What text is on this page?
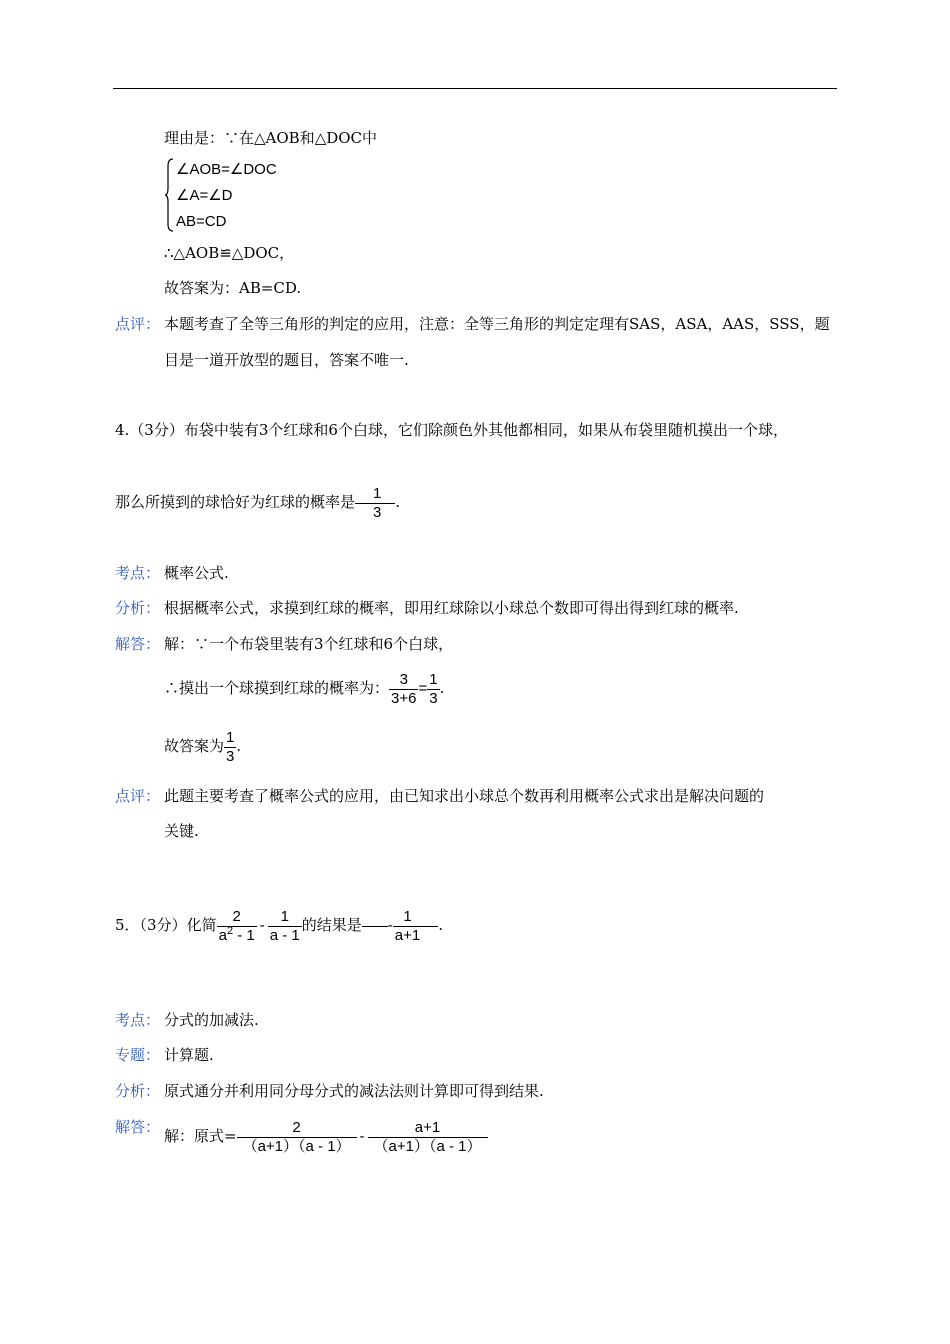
理由是：∵在△AOB和△DOC中
∠AOB=∠DOC
∠A=∠D
AB=CD
∴△AOB≌△DOC，
故答案为：AB=CD.
点评： 本题考查了全等三角形的判定的应用，注意：全等三角形的判定定理有SAS，ASA，AAS，SSS，题
目是一道开放型的题目，答案不唯一.
4.（3分）布袋中装有3个红球和6个白球，它们除颜色外其他都相同，如果从布袋里随机摸出一个球，
那么所摸到的球恰好为红球的概率是 $\frac{1}{3}$ .
考点： 概率公式.
分析： 根据概率公式，求摸到红球的概率，即用红球除以小球总个数即可得出得到红球的概率.
解答： 解：∵一个布袋里装有3个红球和6个白球，
∴摸出一个球摸到红球的概率为： $\frac{3}{3+6} = \frac{1}{3}$ .
故答案为 $\frac{1}{3}$ .
点评： 此题主要考查了概率公式的应用，由已知求出小球总个数再利用概率公式求出是解决问题的
关键.
5．（3分）化简 $\frac{2}{a^2 - 1} - \frac{1}{a - 1}$ 的结果是 - $\frac{1}{a+1}$ .
考点： 分式的加减法.
专题： 计算题.
分析： 原式通分并利用同分母分式的减法法则计算即可得到结果.
解答： 解：原式= $\frac{2}{(a+1)(a - 1)} - \frac{a+1}{(a+1)(a - 1)}$
